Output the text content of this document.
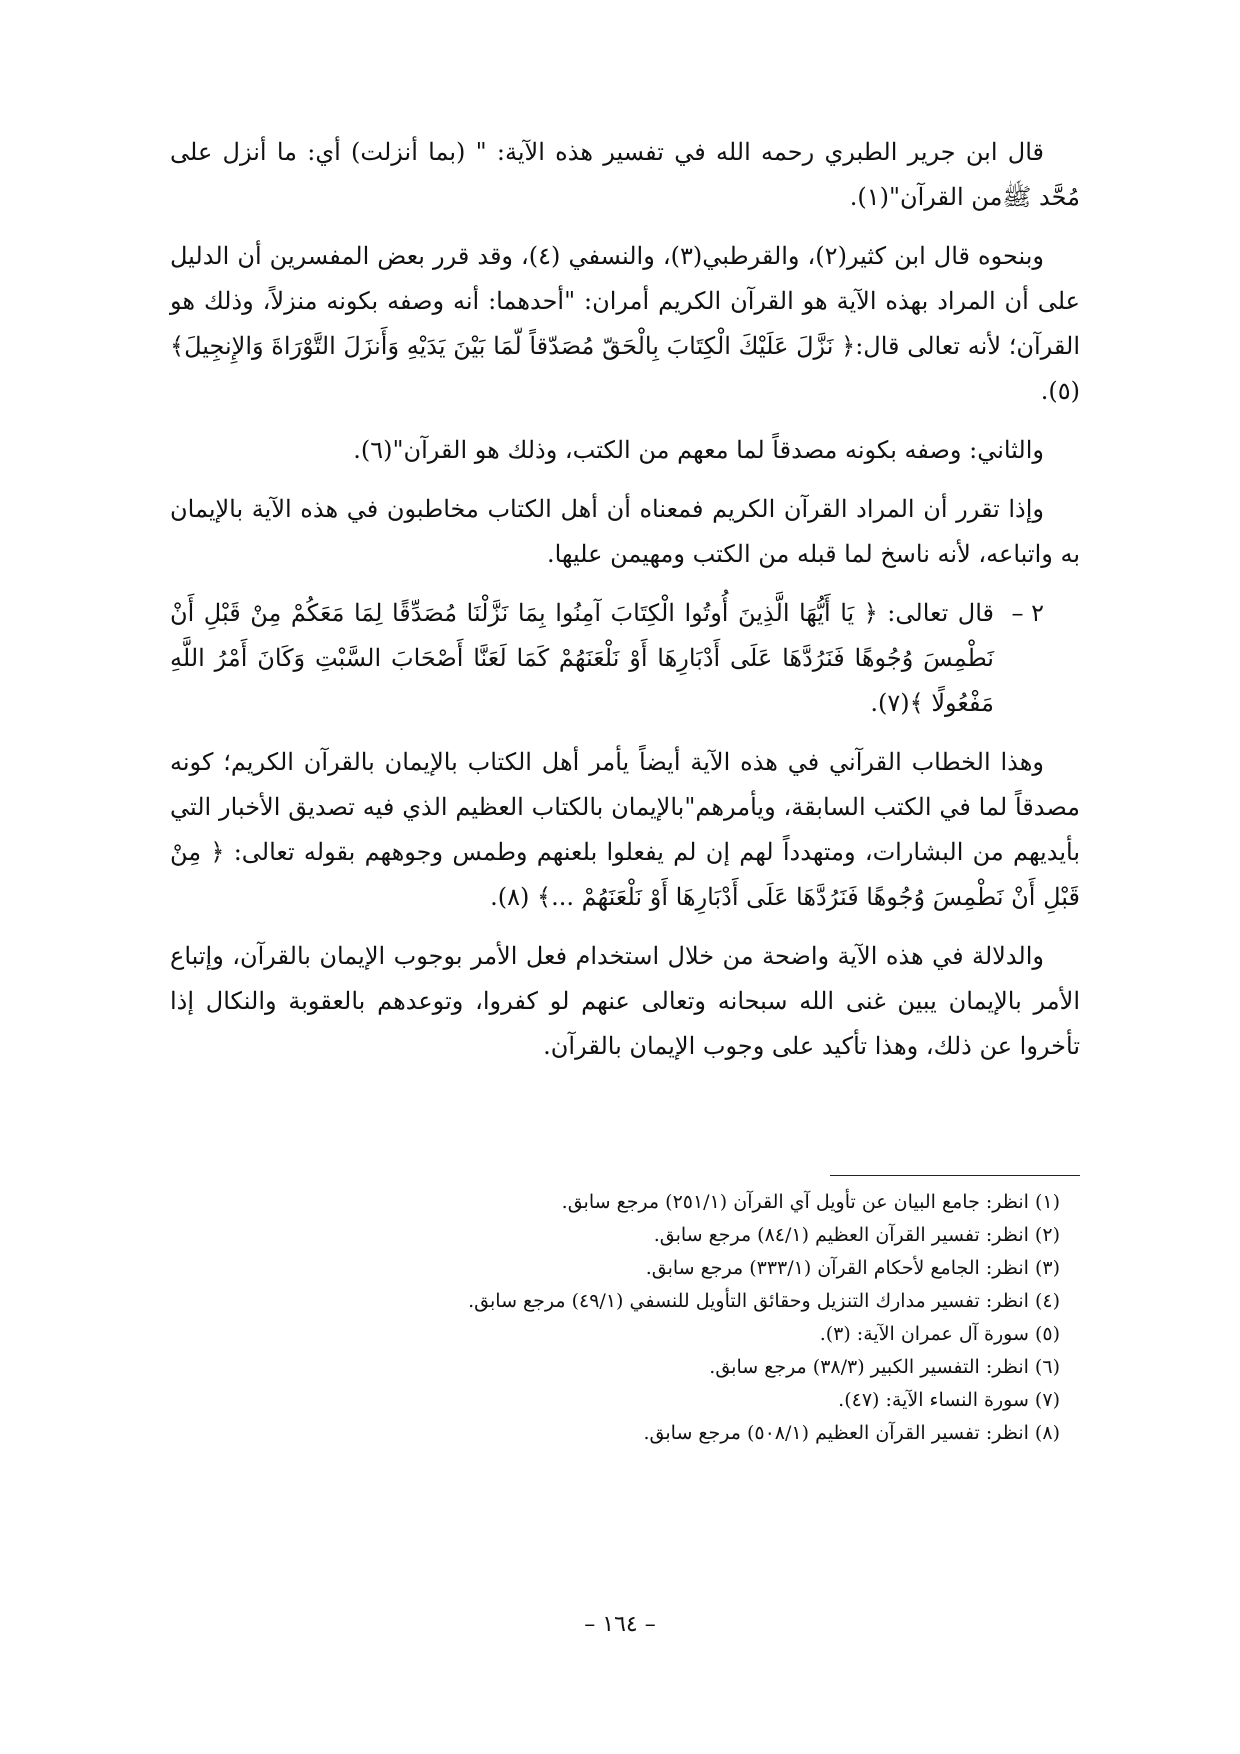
قال ابن جرير الطبري رحمه الله في تفسير هذه الآية: " (بما أنزلت) أي: ما أنزل على مُحَّد ﷺمن القرآن"(١).

وبنحوه قال ابن كثير(٢)، والقرطبي(٣)، والنسفي (٤)، وقد قرر بعض المفسرين أن الدليل على أن المراد بهذه الآية هو القرآن الكريم أمران: "أحدهما: أنه وصفه بكونه منزلاً، وذلك هو القرآن؛ لأنه تعالى قال:﴿ نَزَّلَ عَلَيْكَ الْكِتَابَ بِالْحَقّ مُصَدّقاً لّمَا بَيْنَ يَدَيْهِ وَأَنزَلَ التَّوْرَاةَ وَالإِنجِيلَ﴾(٥).

والثاني: وصفه بكونه مصدقاً لما معهم من الكتب، وذلك هو القرآن"(٦).

وإذا تقرر أن المراد القرآن الكريم فمعناه أن أهل الكتاب مخاطبون في هذه الآية بالإيمان به واتباعه، لأنه ناسخ لما قبله من الكتب ومهيمن عليها.

٢ –
قال تعالى: ﴿ يَا أَيُّهَا الَّذِينَ أُوتُوا الْكِتَابَ آمِنُوا بِمَا نَزَّلْنَا مُصَدِّقًا لِمَا مَعَكُمْ مِنْ قَبْلِ أَنْ نَطْمِسَ وُجُوهًا فَنَرُدَّهَا عَلَى أَدْبَارِهَا أَوْ نَلْعَنَهُمْ كَمَا لَعَنَّا أَصْحَابَ السَّبْتِ وَكَانَ أَمْرُ اللَّهِ مَفْعُولًا ﴾(٧).

وهذا الخطاب القرآني في هذه الآية أيضاً يأمر أهل الكتاب بالإيمان بالقرآن الكريم؛ كونه مصدقاً لما في الكتب السابقة، ويأمرهم"بالإيمان بالكتاب العظيم الذي فيه تصديق الأخبار التي بأيديهم من البشارات، ومتهدداً لهم إن لم يفعلوا بلعنهم وطمس وجوههم بقوله تعالى: ﴿ مِنْ قَبْلِ أَنْ نَطْمِسَ وُجُوهًا فَنَرُدَّهَا عَلَى أَدْبَارِهَا أَوْ نَلْعَنَهُمْ ...﴾ (٨).

والدلالة في هذه الآية واضحة من خلال استخدام فعل الأمر بوجوب الإيمان بالقرآن، وإتباع الأمر بالإيمان يبين غنى الله سبحانه وتعالى عنهم لو كفروا، وتوعدهم بالعقوبة والنكال إذا تأخروا عن ذلك، وهذا تأكيد على وجوب الإيمان بالقرآن.

(١) انظر: جامع البيان عن تأويل آي القرآن (٢٥١/١) مرجع سابق.

(٢) انظر: تفسير القرآن العظيم (٨٤/١) مرجع سابق.

(٣) انظر: الجامع لأحكام القرآن (٣٣٣/١) مرجع سابق.

(٤) انظر: تفسير مدارك التنزيل وحقائق التأويل للنسفي (٤٩/١) مرجع سابق.

(٥) سورة آل عمران الآية: (٣).

(٦) انظر: التفسير الكبير (٣٨/٣) مرجع سابق.

(٧) سورة النساء الآية: (٤٧).

(٨) انظر: تفسير القرآن العظيم (٥٠٨/١) مرجع سابق.

– ١٦٤ –
